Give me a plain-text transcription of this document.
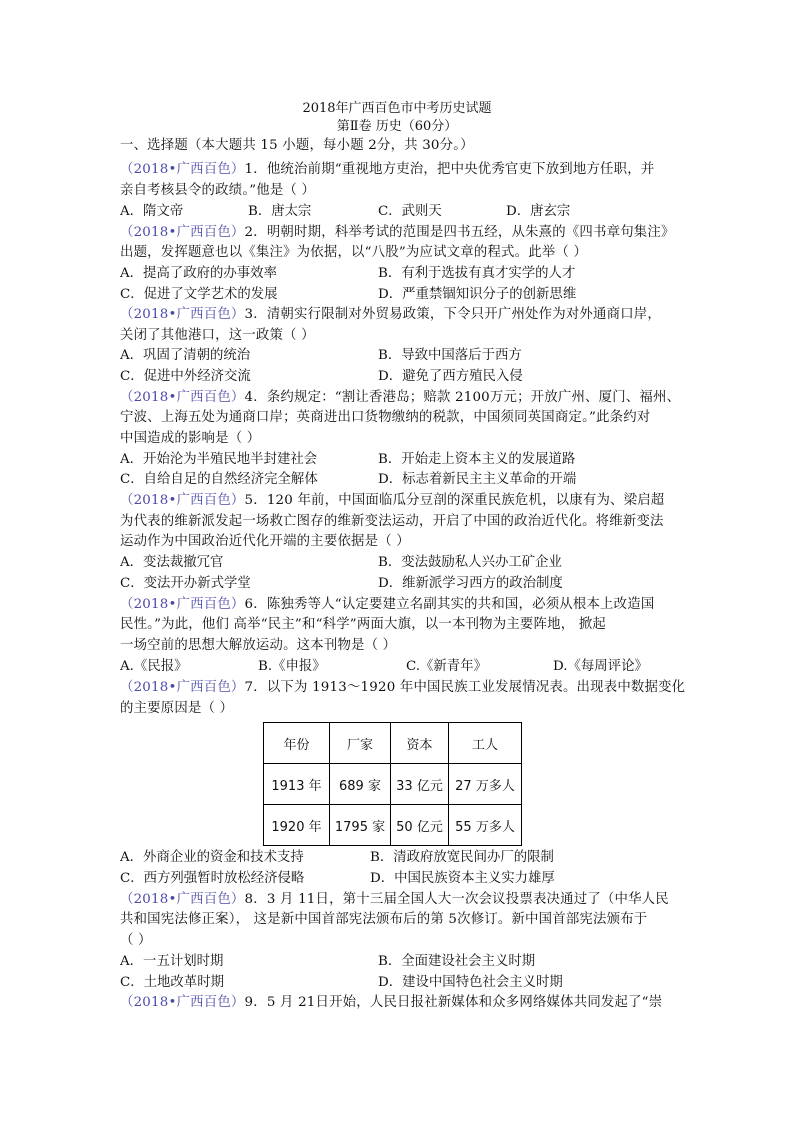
2018年广西百色市中考历史试题
第Ⅱ卷 历史（60分）
一、选择题（本大题共 15 小题，每小题 2分，共 30分。）
（2018•广西百色）1．他统治前期“重视地方吏治，把中央优秀官吏下放到地方任职，并
亲自考核县令的政绩。”他是（ ）
A．隋文帝	B．唐太宗	C．武则天	D．唐玄宗
（2018•广西百色）2．明朝时期，科举考试的范围是四书五经，从朱熹的《四书章句集注》
出题，发挥题意也以《集注》为依据，以“八股”为应试文章的程式。此举（ ）
A．提高了政府的办事效率	B．有利于选拔有真才实学的人才
C．促进了文学艺术的发展	D．严重禁锢知识分子的创新思维
（2018•广西百色）3．清朝实行限制对外贸易政策，下令只开广州处作为对外通商口岸，
关闭了其他港口，这一政策（ ）
A．巩固了清朝的统治	B．导致中国落后于西方
C．促进中外经济交流	D．避免了西方殖民入侵
（2018•广西百色）4．条约规定：“割让香港岛；赔款 2100万元；开放广州、厦门、福州、
宁波、上海五处为通商口岸；英商进出口货物缴纳的税款，中国须同英国商定。”此条约对
中国造成的影响是（ ）
A．开始沦为半殖民地半封建社会	B．开始走上资本主义的发展道路
C．自给自足的自然经济完全解体	D．标志着新民主主义革命的开端
（2018•广西百色）5．120 年前，中国面临瓜分豆剖的深重民族危机，以康有为、梁启超
为代表的维新派发起一场救亡图存的维新变法运动，开启了中国的政治近代化。将维新变法
运动作为中国政治近代化开端的主要依据是（ ）
A．变法裁撤冗官	B．变法鼓励私人兴办工矿企业
C．变法开办新式学堂	D．维新派学习西方的政治制度
（2018•广西百色）6．陈独秀等人“认定要建立名副其实的共和国，必须从根本上改造国
民性。”为此，他们 高举“民主”和“科学”两面大旗，以一本刊物为主要阵地， 掀起
一场空前的思想大解放运动。这本刊物是（ ）
A.《民报》	B.《申报》	C.《新青年》	D.《每周评论》
（2018•广西百色）7．以下为 1913～1920 年中国民族工业发展情况表。出现表中数据变化
的主要原因是（ ）
年份	厂家	资本	工人
1913 年	689 家	33 亿元	27 万多人
1920 年	1795 家	50 亿元	55 万多人
A．外商企业的资金和技术支持	B．清政府放宽民间办厂的限制
C．西方列强暂时放松经济侵略	D．中国民族资本主义实力雄厚
（2018•广西百色）8．3 月 11日，第十三届全国人大一次会议投票表决通过了（中华人民
共和国宪法修正案）， 这是新中国首部宪法颁布后的第 5次修订。新中国首部宪法颁布于
（ ）
A．一五计划时期	B．全面建设社会主义时期
C．土地改革时期	D．建设中国特色社会主义时期
（2018•广西百色）9．5 月 21日开始，人民日报社新媒体和众多网络媒体共同发起了“崇
